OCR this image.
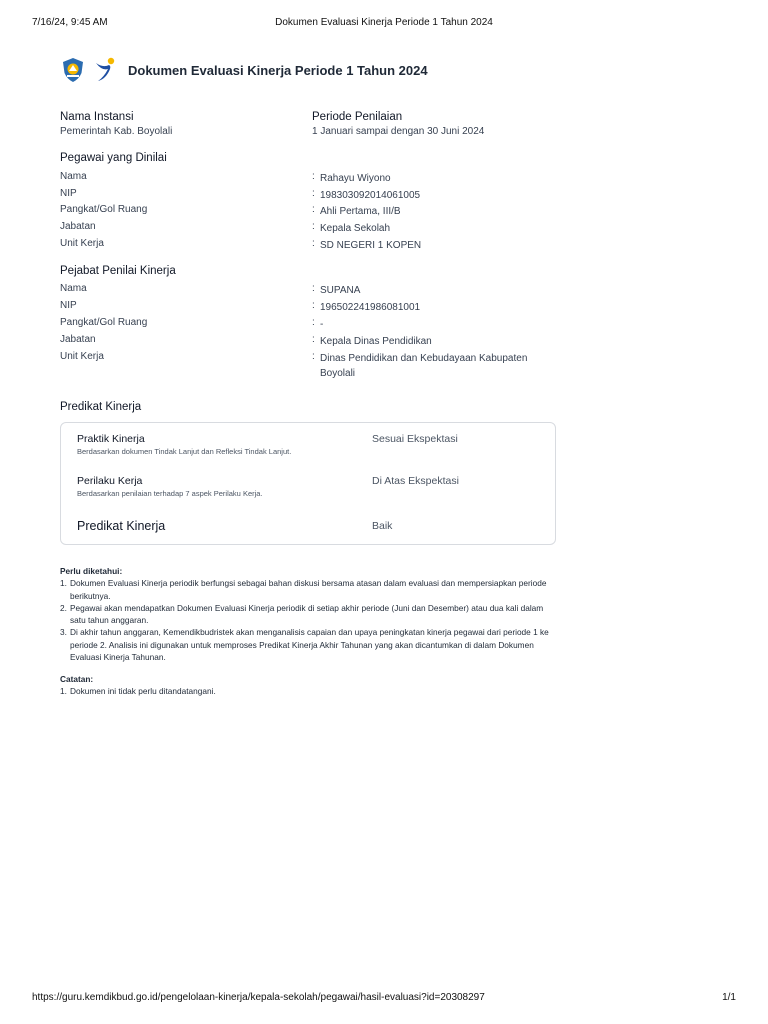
7/16/24, 9:45 AM	Dokumen Evaluasi Kinerja Periode 1 Tahun 2024
Dokumen Evaluasi Kinerja Periode 1 Tahun 2024
Nama Instansi
Pemerintah Kab. Boyolali
Periode Penilaian
1 Januari sampai dengan 30 Juni 2024
Pegawai yang Dinilai
Nama	: Rahayu Wiyono
NIP	: 198303092014061005
Pangkat/Gol Ruang	: Ahli Pertama, III/B
Jabatan	: Kepala Sekolah
Unit Kerja	: SD NEGERI 1 KOPEN
Pejabat Penilai Kinerja
Nama	: SUPANA
NIP	: 196502241986081001
Pangkat/Gol Ruang	: -
Jabatan	: Kepala Dinas Pendidikan
Unit Kerja	: Dinas Pendidikan dan Kebudayaan Kabupaten Boyolali
Predikat Kinerja
Praktik Kinerja
Berdasarkan dokumen Tindak Lanjut dan Refleksi Tindak Lanjut.
Sesuai Ekspektasi
Perilaku Kerja
Berdasarkan penilaian terhadap 7 aspek Perilaku Kerja.
Di Atas Ekspektasi
Predikat Kinerja	Baik
Perlu diketahui:
1. Dokumen Evaluasi Kinerja periodik berfungsi sebagai bahan diskusi bersama atasan dalam evaluasi dan mempersiapkan periode berikutnya.
2. Pegawai akan mendapatkan Dokumen Evaluasi Kinerja periodik di setiap akhir periode (Juni dan Desember) atau dua kali dalam satu tahun anggaran.
3. Di akhir tahun anggaran, Kemendikbudristek akan menganalisis capaian dan upaya peningkatan kinerja pegawai dari periode 1 ke periode 2. Analisis ini digunakan untuk memproses Predikat Kinerja Akhir Tahunan yang akan dicantumkan di dalam Dokumen Evaluasi Kinerja Tahunan.
Catatan:
1. Dokumen ini tidak perlu ditandatangani.
https://guru.kemdikbud.go.id/pengelolaan-kinerja/kepala-sekolah/pegawai/hasil-evaluasi?id=20308297	1/1
